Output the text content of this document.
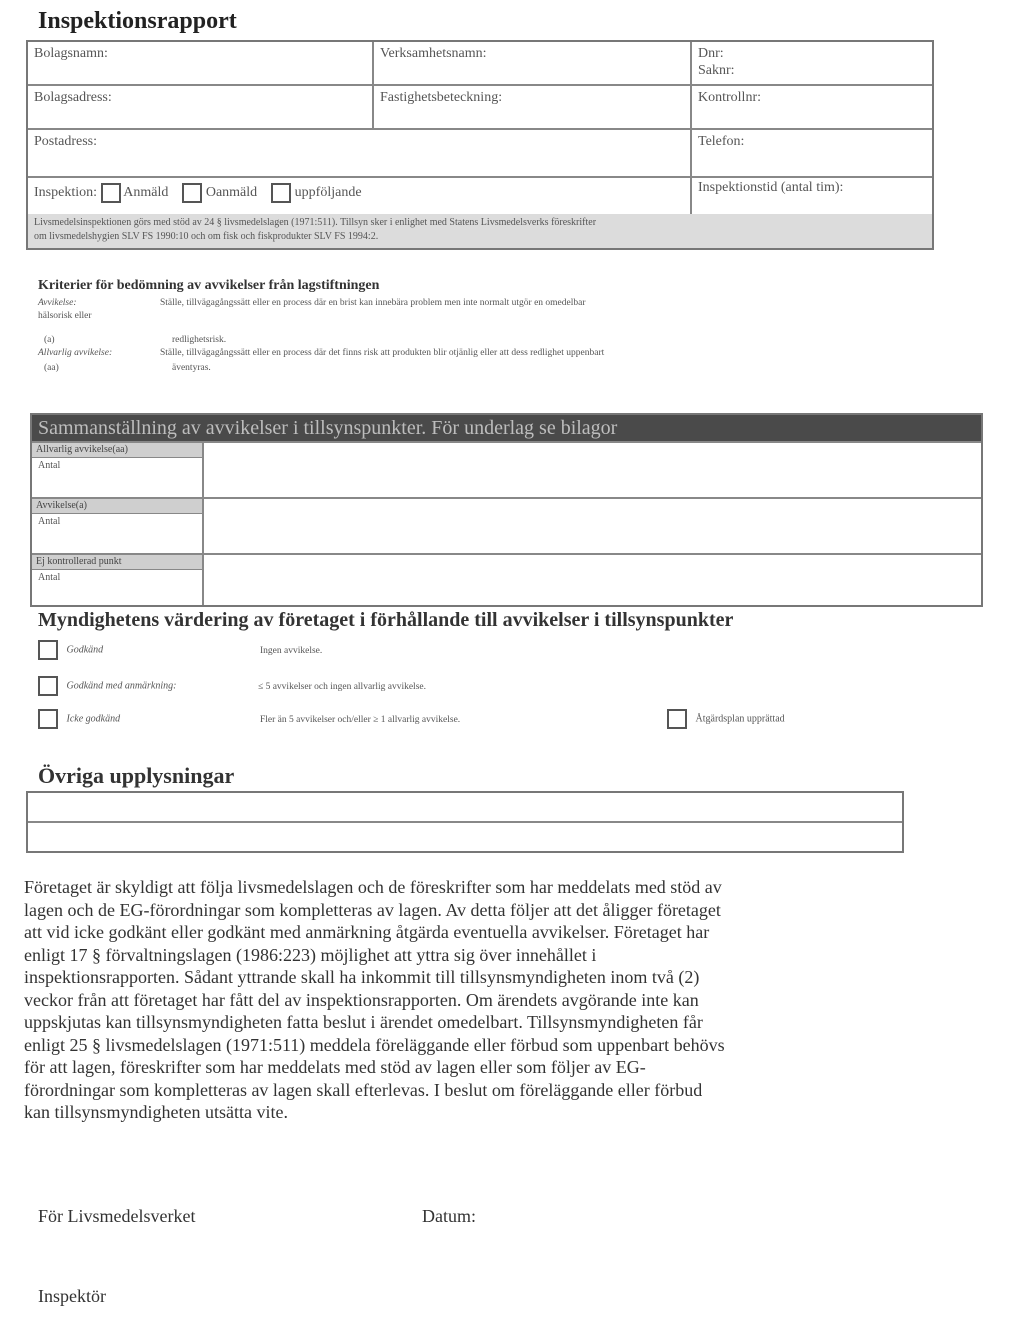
Inspektionsrapport
Bolagsnamn:	Verksamhetsnamn:	Dnr:
Saknr:
Bolagsadress:	Fastighetsbeteckning:	Kontrollnr:
Postadress:	Telefon:
Inspektion: Anmäld	Oanmäld	uppföljande	Inspektionstid (antal tim):
Livsmedelsinspektionen görs med stöd av 24 § livsmedelslagen (1971:511). Tillsyn sker i enlighet med Statens Livsmedelsverks föreskrifter
om livsmedelshygien SLV FS 1990:10 och om fisk och fiskprodukter SLV FS 1994:2.
Kriterier för bedömning av avvikelser från lagstiftningen
Avvikelse:	Ställe, tillvägagångssätt eller en process där en brist kan innebära problem men inte normalt utgör en omedelbar
hälsorisk eller
(a)	redlighetsrisk.
Allvarlig avvikelse:	Ställe, tillvägagångssätt eller en process där det finns risk att produkten blir otjänlig eller att dess redlighet uppenbart
(aa)	äventyras.
Sammanställning av avvikelser i tillsynspunkter. För underlag se bilagor
Allvarlig avvikelse(aa)
Antal
Avvikelse(a)
Antal
Ej kontrollerad punkt
Antal
Myndighetens värdering av företaget i förhållande till avvikelser i tillsynspunkter
Godkänd	Ingen avvikelse.
Godkänd med anmärkning:	≤ 5 avvikelser och ingen allvarlig avvikelse.
Icke godkänd	Fler än 5 avvikelser och/eller ≥ 1 allvarlig avvikelse.	Åtgärdsplan upprättad
Övriga upplysningar

Företaget är skyldigt att följa livsmedelslagen och de föreskrifter som har meddelats med stöd av

lagen och de EG-förordningar som kompletteras av lagen. Av detta följer att det åligger företaget

att vid icke godkänt eller godkänt med anmärkning åtgärda eventuella avvikelser. Företaget har

enligt 17 § förvaltningslagen (1986:223) möjlighet att yttra sig över innehållet i

inspektionsrapporten. Sådant yttrande skall ha inkommit till tillsynsmyndigheten inom två (2)

veckor från att företaget har fått del av inspektionsrapporten. Om ärendets avgörande inte kan

uppskjutas kan tillsynsmyndigheten fatta beslut i ärendet omedelbart. Tillsynsmyndigheten får

enligt 25 § livsmedelslagen (1971:511) meddela föreläggande eller förbud som uppenbart behövs

för att lagen, föreskrifter som har meddelats med stöd av lagen eller som följer av EG-

förordningar som kompletteras av lagen skall efterlevas. I beslut om föreläggande eller förbud

kan tillsynsmyndigheten utsätta vite.

För Livsmedelsverket	Datum:
Inspektör
